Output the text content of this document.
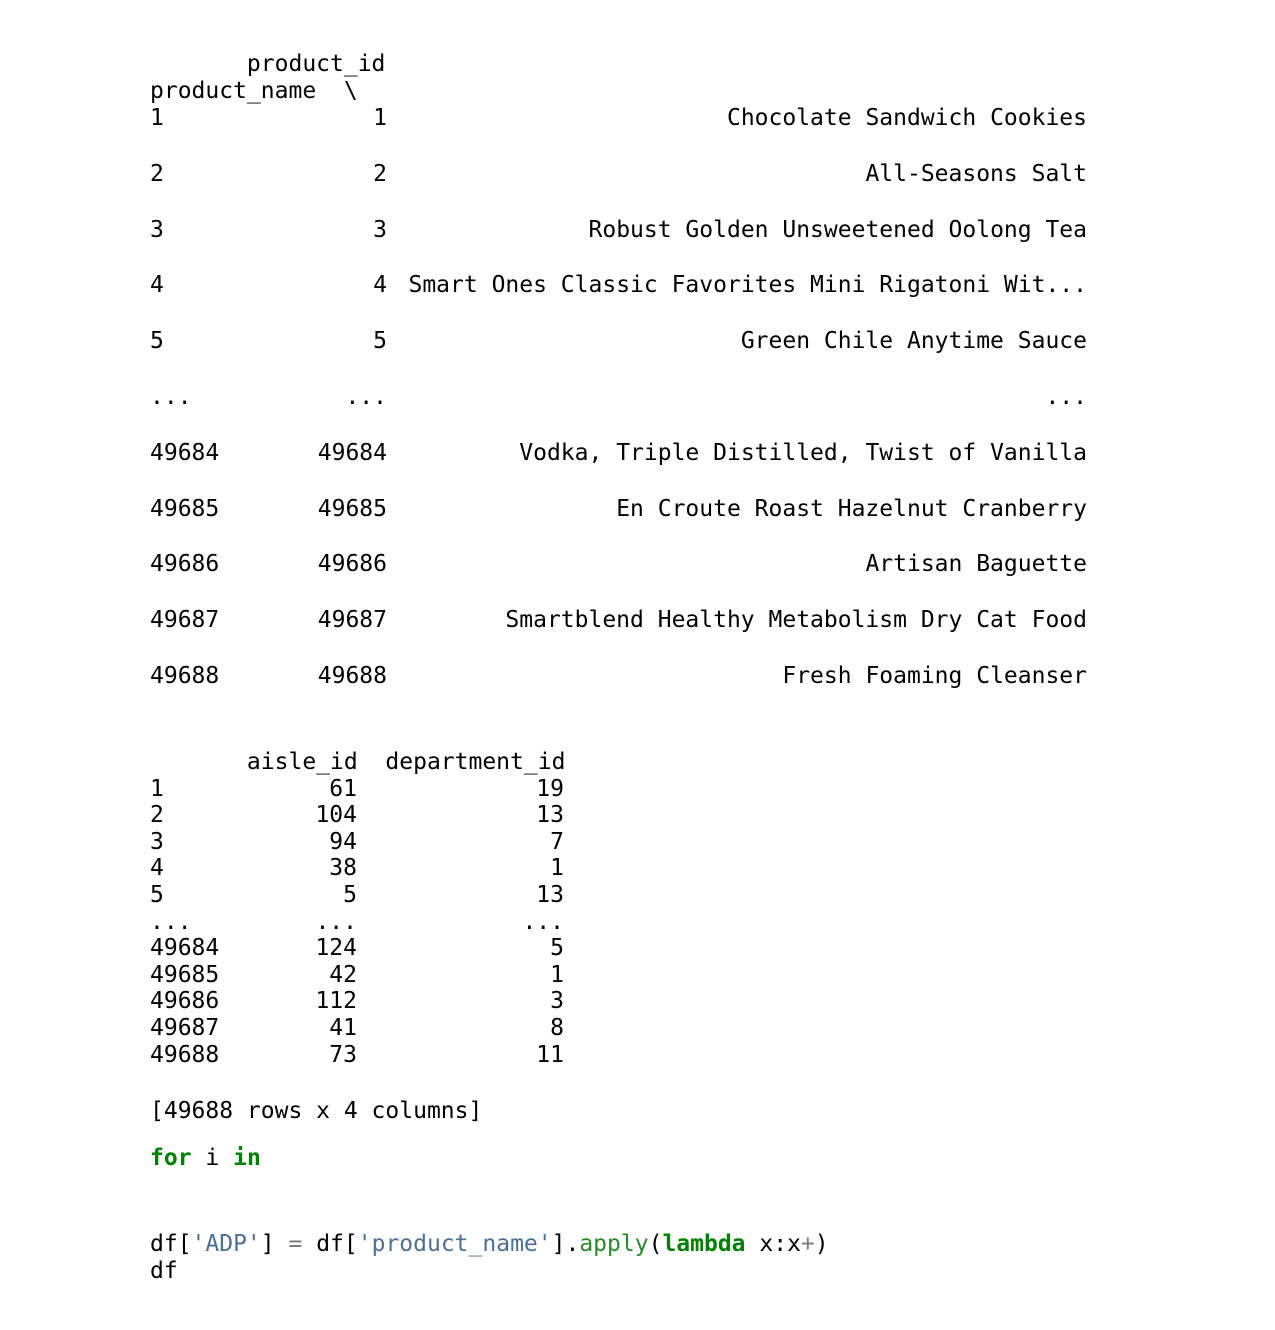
product_id
product_name  \
1	1	Chocolate Sandwich Cookies
2	2	All-Seasons Salt
3	3	Robust Golden Unsweetened Oolong Tea
4	4 Smart Ones Classic Favorites Mini Rigatoni Wit...
5	5	Green Chile Anytime Sauce
...	...	...
49684	49684	Vodka, Triple Distilled, Twist of Vanilla
49685	49685	En Croute Roast Hazelnut Cranberry
49686	49686	Artisan Baguette
49687	49687	Smartblend Healthy Metabolism Dry Cat Food
49688	49688	Fresh Foaming Cleanser
aisle_id  department_id
1	61	19
2	104	13
3	94	7
4	38	1
5	5	13
...	...	...
49684	124	5
49685	42	1
49686	112	3
49687	41	8
49688	73	11
[49688 rows x 4 columns]
for i in
df['ADP'] = df['product_name'].apply(lambda x:x+)
df
